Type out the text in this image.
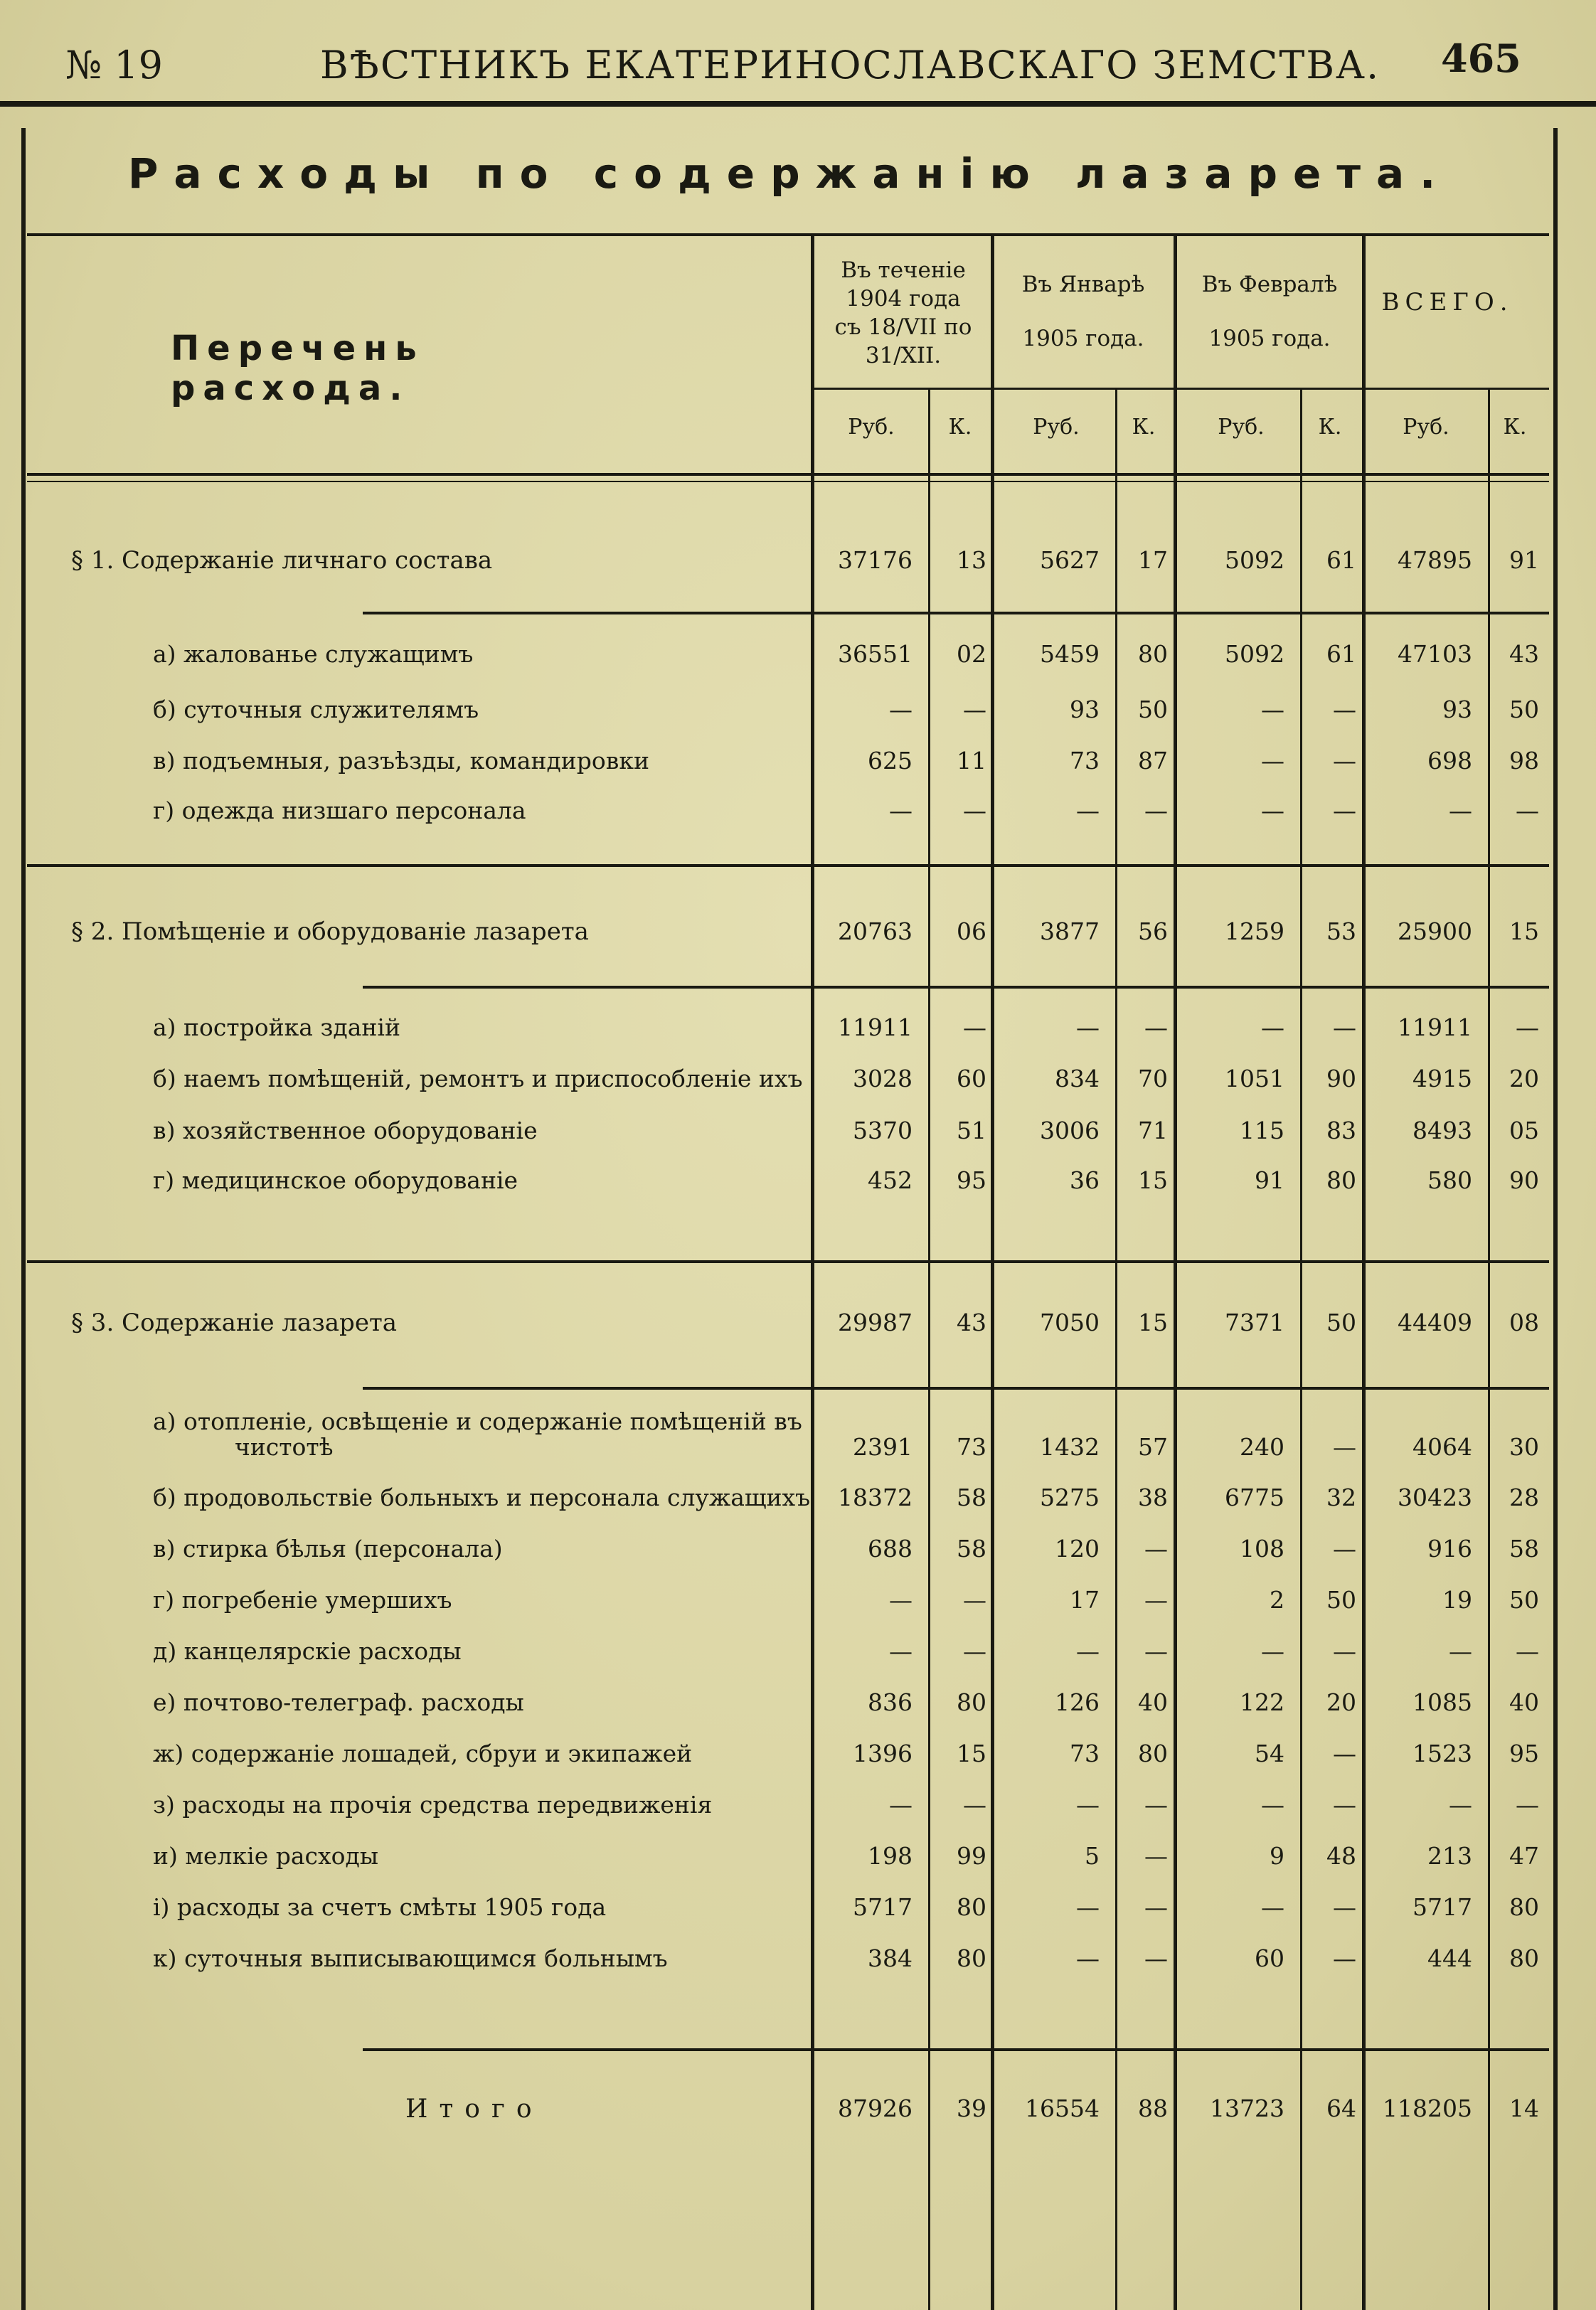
№ 19	ВѢСТНИКЪ ЕКАТЕРИНОСЛАВСКАГО ЗЕМСТВА. 465
Расходы по содержанію лазарета.
Перечень расхода.
Въ теченіе
1904 года
съ 18/VII по
31/XII.
Въ Январѣ
1905 года.
Въ Февралѣ
1905 года.
ВСЕГО.
Руб.	К.	Руб.	К.	Руб.	К.	Руб.	К.
§ 1. Содержаніе личнаго состава	37176 13 5627 17 5092 61 47895 91
а) жалованье служащимъ	36551 02 5459 80 5092 61 47103 43
б) суточныя служителямъ	— —	93 50	— —	93 50
в) подъемныя, разъѣзды, командировки	625 11	73 87	— —	698 98
г) одежда низшаго персонала	— —	— —	— —	— —
§ 2. Помѣщеніе и оборудованіе лазарета	20763 06 3877 56 1259 53 25900 15
а) постройка зданій	11911 —	— —	— — 11911 —
б) наемъ помѣщеній, ремонтъ и приспособленіе ихъ 3028 60	834 70 1051 90 4915 20
в) хозяйственное оборудованіе	5370 51 3006 71	115 83 8493 05
г) медицинское оборудованіе	452 95	36 15	91 80	580 90
§ 3. Содержаніе лазарета	29987 43 7050 15 7371 50 44409 08
а) отопленіе, освѣщеніе и содержаніе помѣщеній въ
чистотѣ	2391 73 1432 57	240 — 4064 30
б) продовольствіе больныхъ и персонала служащихъ 18372 58 5275 38 6775 32 30423 28
в) стирка бѣлья (персонала)	688 58	120 —	108 —	916 58
г) погребеніе умершихъ	— —	17 —	2 50	19 50
д) канцелярскіе расходы	— —	— —	— —	— —
е) почтово-телеграф. расходы	836 80	126 40	122 20 1085 40
ж) содержаніе лошадей, сбруи и экипажей	1396 15	73 80	54 — 1523 95
з) расходы на прочія средства передвиженія	— —	— —	— —	— —
и) мелкіе расходы	198 99	5 —	9 48	213 47
і) расходы за счетъ смѣты 1905 года	5717 80	— —	— — 5717 80
к) суточныя выписывающимся больнымъ	384 80	— —	60 —	444 80
Итого	87926 39 16554 88 13723 64 118205 14
